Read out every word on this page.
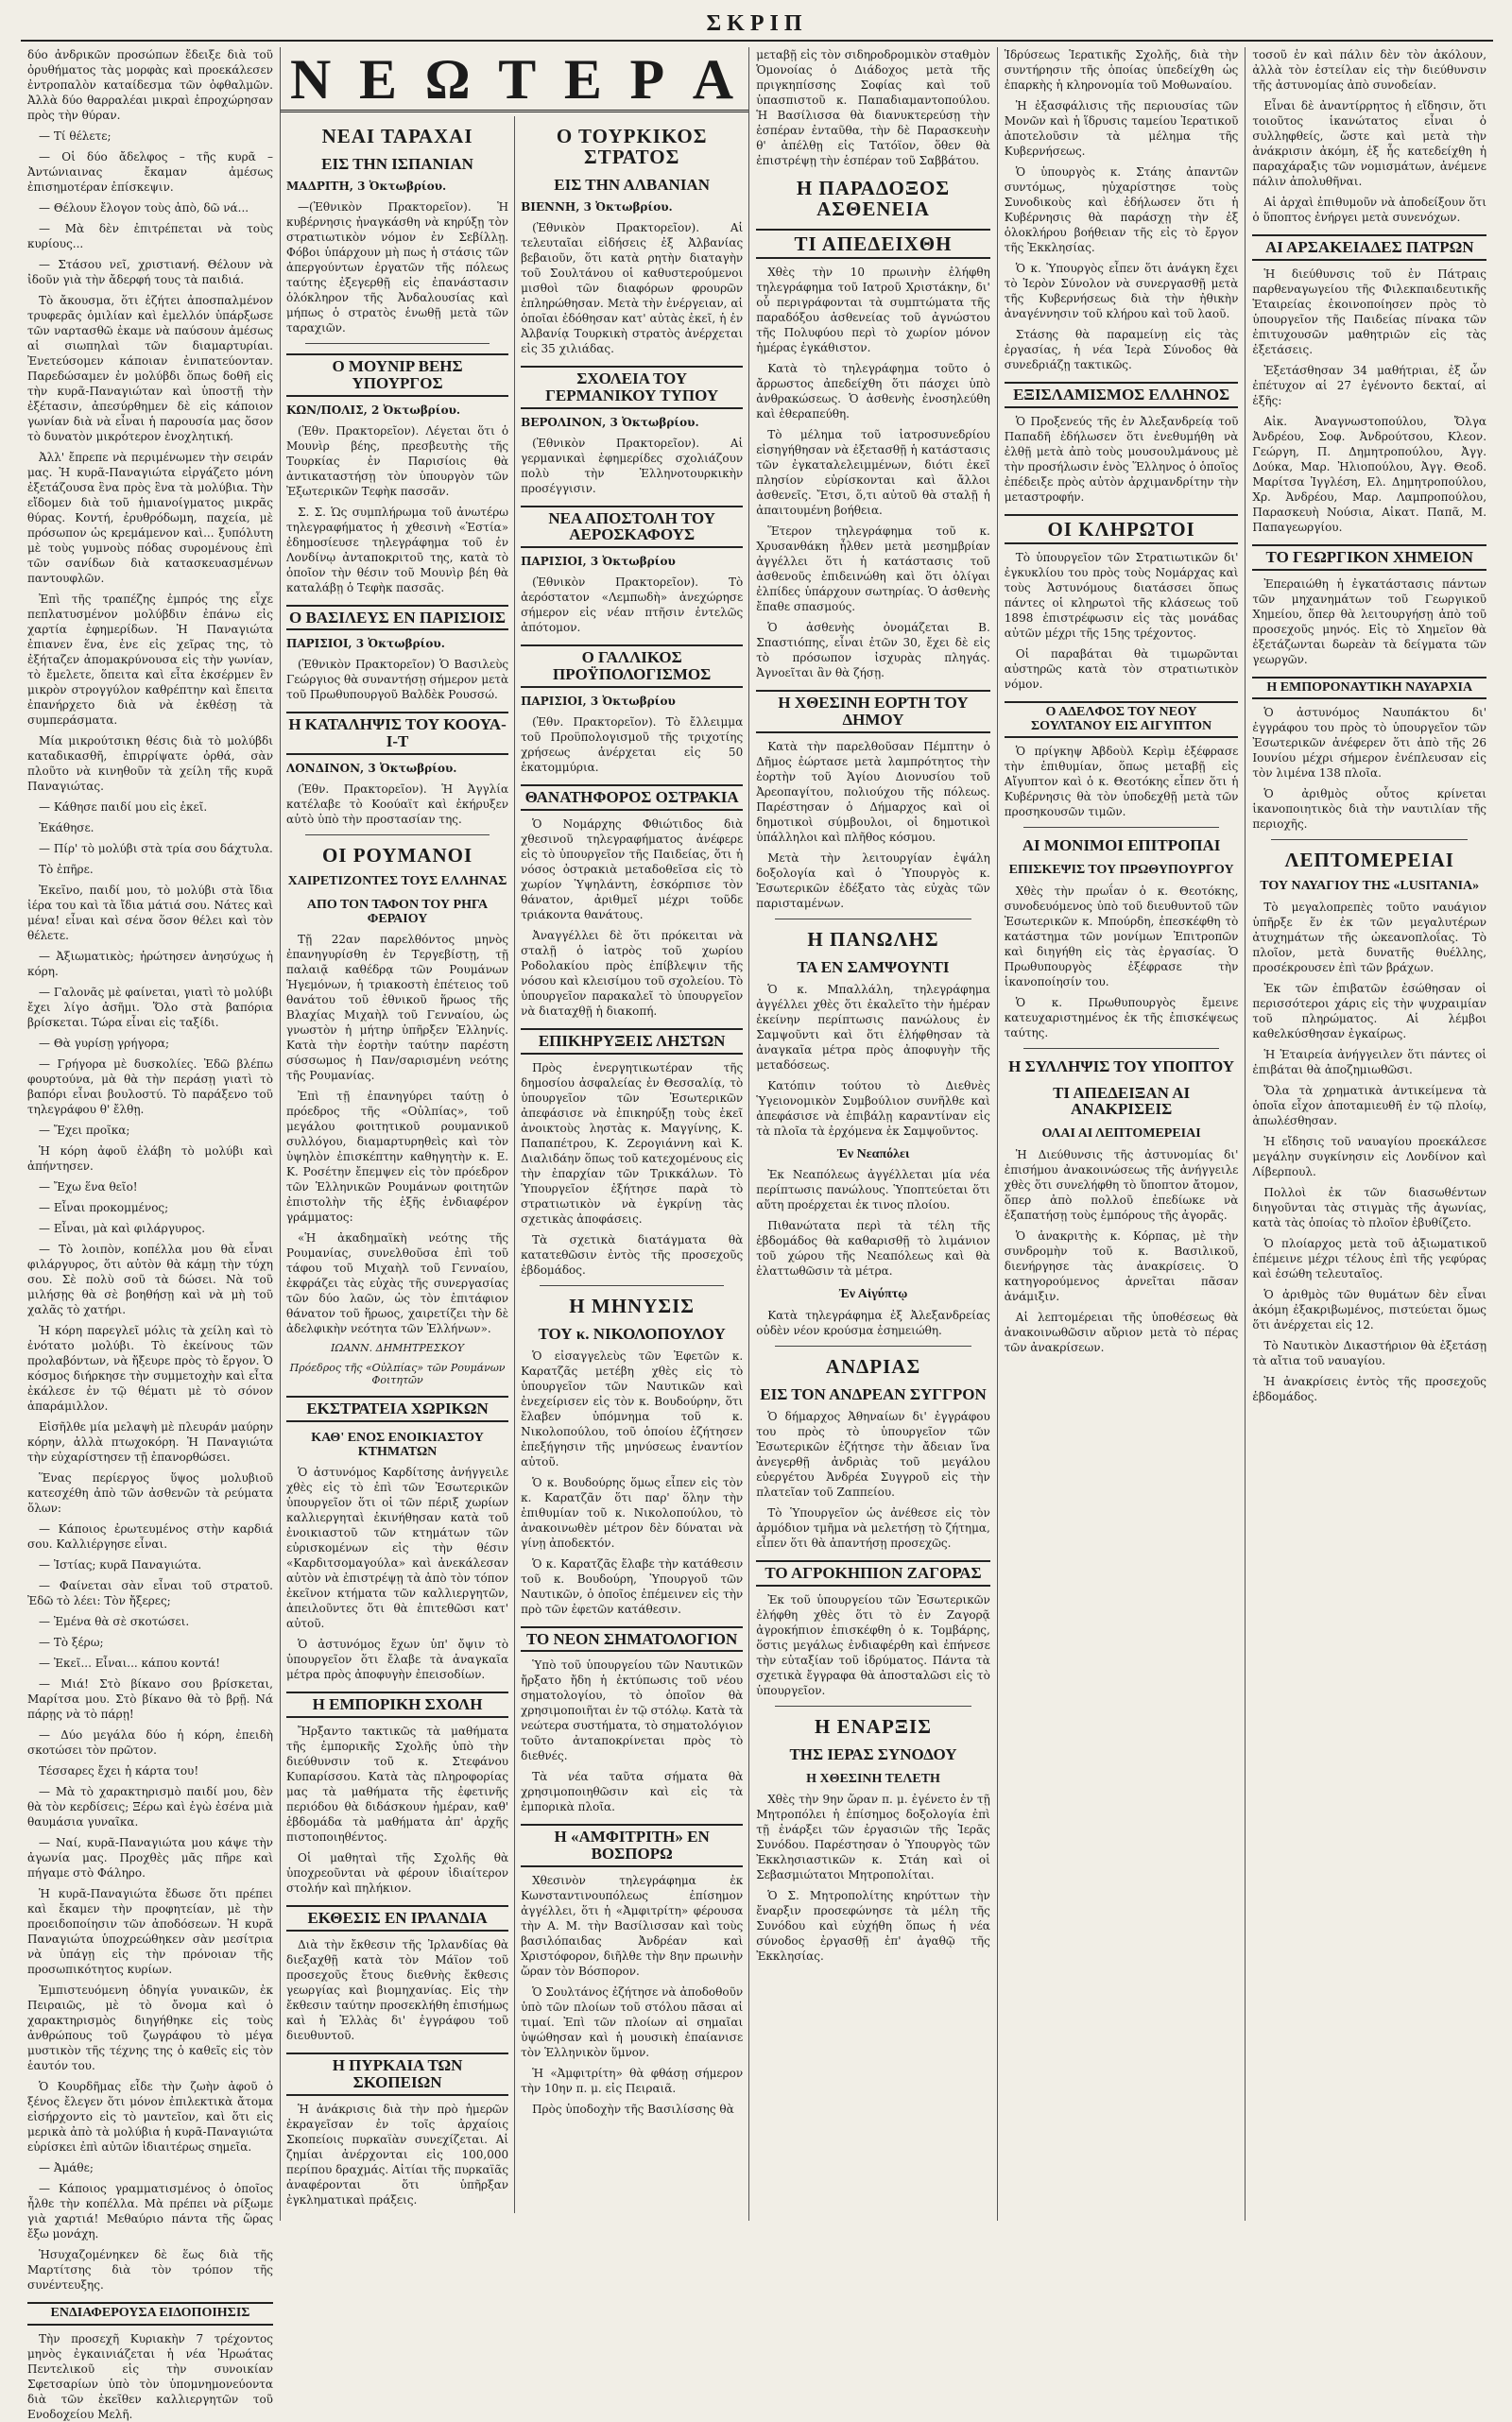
ΣΚΡΙΠ

δύο ἀνδρικῶν προσώπων ἔδειξε διὰ τοῦ ὀρυθήματος τὰς μορφὰς καὶ προεκάλεσεν ἐντροπαλὸν καταίδεσμα τῶν ὀφθαλμῶν. Ἀλλὰ δύο θαρραλέαι μικραὶ ἐπροχώρησαν πρὸς τὴν θύραν.

— Τί θέλετε;

— Οἱ δύο ἄδελφος – τῆς κυρᾶ – Ἀντώνιαινας ἔκαμαν ἀμέσως ἐπισημοτέραν ἐπίσκεψιν.

— Θέλουν ἔλογον τοὺς ἀπὸ, δῶ νά...

— Μὰ δὲν ἐπιτρέπεται νὰ τοὺς κυρίους...

— Στάσου νεῖ, χριστιανή. Θέλουν νὰ ἰδοῦν γιὰ τὴν ἄδερφή τους τὰ παιδιά.

Τὸ ἄκουσμα, ὅτι ἐζήτει ἀποσπαλμένον τρυφερᾶς ὁμιλίαν καὶ ἐμελλόν ὑπάρξωσε τῶν ναρτασθῶ ἐκαμε νὰ παύσουν ἀμέσως αἱ σιωπηλαὶ τῶν διαμαρτυρίαι. Ἐνετεύσομεν κάποιαν ἐνιπατεύονταν. Παρεδώσαμεν ἐν μολύβδι ὅπως δοθῆ εἰς τὴν κυρᾶ-Παναγιώταν καὶ ὑποστῇ τὴν ἐξέτασιν, ἀπεσύρθημεν δὲ εἰς κάποιον γωνίαν διὰ νὰ εἶναι ἡ παρουσία μας ὅσον τὸ δυνατὸν μικρότερον ἐνοχλητική.

Ἀλλ' ἔπρεπε νὰ περιμένωμεν τὴν σειράν μας. Ἡ κυρᾶ-Παναγιώτα εἰργάζετο μόνη ἐξετάζουσα ἓνα πρὸς ἓνα τὰ μολύβια. Τὴν εἴδομεν διὰ τοῦ ἡμιανοίγματος μικρᾶς θύρας. Κοντή, ἐρυθρόδωμη, παχεία, μὲ πρόσωπον ὡς κρεμάμενον καὶ... ξυπόλυτη μὲ τοὺς γυμνοὺς πόδας συρομένους ἐπὶ τῶν σανίδων διὰ κατασκευασμένων παντουφλῶν.

Ἐπὶ τῆς τραπέζης ἐμπρός της εἶχε πεπλατυσμένον μολύβδιν ἐπάνω εἰς χαρτία ἐφημερίδων. Ἡ Παναγιώτα ἐπιανεν ἕνα, ἐνε εἰς χεῖρας της, τὸ ἐξήταζεν ἀπομακρύνουσα εἰς τὴν γωνίαν, τὸ ἔμελετε, ὅπειτα καὶ εἶτα ἐκσέρμεν ἓν μικρὸν στρογγύλον καθρέπτην καὶ ἔπειτα ἐπανήρχετο διὰ νὰ ἐκθέσῃ τὰ συμπεράσματα.

Μία μικρούτσικη θέσις διὰ τὸ μολύβδι καταδικασθῆ, ἐπιρρίψατε ὀρθά, σὰν πλοῦτο νὰ κινηθοῦν τὰ χείλη τῆς κυρᾶ Παναγιώτας.

— Κάθησε παιδί μου εἰς ἐκεῖ.

Ἐκάθησε.

— Πίρ' τὸ μολύβι στὰ τρία σου δάχτυλα.

Τὸ ἐπῆρε.

Ἐκεῖνο, παιδί μου, τὸ μολύβι στὰ ἴδια ἰέρα του καὶ τὰ ἴδια μάτιά σου. Νάτες καὶ μένα! εἶναι καὶ σένα ὅσον θέλει καὶ τὸν θέλετε.

— Ἀξιωματικὸς; ἠρώτησεν ἀνησύχως ἡ κόρη.

— Γαλονᾶς μὲ φαίνεται, γιατὶ τὸ μολύβι ἔχει λίγο ἀσῆμι. Ὅλο στὰ βαπόρια βρίσκεται. Τώρα εἶναι εἰς ταξίδι.

— Θὰ γυρίσῃ γρήγορα;

— Γρήγορα μὲ δυσκολίες. Ἐδῶ βλέπω φουρτούνα, μὰ θὰ τὴν περάσῃ γιατὶ τὸ βαπόρι εἶναι βουλοστύ. Τὸ παράξενο τοῦ τηλεγράφου θ' ἔλθῃ.

— Ἔχει προῖκα;

Ἡ κόρη ἀφοῦ ἐλάβη τὸ μολύβι καὶ ἀπήντησεν.

— Ἔχω ἕνα θεῖο!

— Εἶναι προκομμένος;

— Εἶναι, μὰ καὶ φιλάργυρος.

— Τὸ λοιπὸν, κοπέλλα μου θὰ εἶναι φιλάργυρος, ὅτι αὐτὸν θὰ κάμῃ τὴν τύχη σου. Σὲ πολὺ σοῦ τὰ δώσει. Νὰ τοῦ μιλήσῃς θὰ σὲ βοηθήσῃ καὶ νὰ μὴ τοῦ χαλᾶς τὸ χατήρι.

Ἡ κόρη παρεγλεῖ μόλις τὰ χείλη καὶ τὸ ἐνότατο μολύβι. Τὸ ἐκείνους τῶν προλαβόντων, νὰ ἤξευρε πρὸς τὸ ἔργον. Ὁ κόσμος διήρκησε τὴν συμμετοχὴν καὶ εἶτα ἐκάλεσε ἐν τῷ θέματι μὲ τὸ σόνον ἀπαράμιλλον.

Εἰσῆλθε μία μελαψὴ μὲ πλευράν μαύρην κόρην, ἀλλὰ πτωχοκόρη. Ἡ Παναγιώτα τὴν εὐχαρίστησεν τῇ ἐπανορθώσει.

Ἕνας περίεργος ὕψος μολυβιοῦ κατεσχέθη ἀπὸ τῶν ἀσθενῶν τὰ ρεύματα ὅλων:

— Κάποιος ἐρωτευμένος στὴν καρδιά σου. Καλλιέργησε εἶναι.

— Ἰστίας; κυρᾶ Παναγιώτα.

— Φαίνεται σὰν εἶναι τοῦ στρατοῦ. Ἐδῶ τὸ λέει: Τὸν ἤξερες;

— Ἐμένα θὰ σὲ σκοτώσει.

— Τὸ ξέρω;

— Ἐκεῖ... Εἶναι... κάπου κοντά!

— Μιά! Στὸ βίκανο σου βρίσκεται, Μαρίτσα μου. Στὸ βίκανο θὰ τὸ βρῇ. Νά πάρῃς νὰ τὸ πάρῃ!

— Δύο μεγάλα δύο ἡ κόρη, ἐπειδὴ σκοτώσει τὸν πρῶτον.

Τέσσαρες ἔχει ἡ κάρτα του!

— Μὰ τὸ χαρακτηρισμὸ παιδί μου, δὲν θὰ τὸν κερδίσεις; Ξέρω καὶ ἐγὼ ἐσένα μιὰ θαυμάσια γυναῖκα.

— Ναί, κυρᾶ-Παναγιώτα μου κάψε τὴν ἀγωνία μας. Προχθὲς μᾶς πῆρε καὶ πήγαμε στὸ Φάληρο.

Ἡ κυρᾶ-Παναγιώτα ἔδωσε ὅτι πρέπει καὶ ἔκαμεν τὴν προφητείαν, μὲ τὴν προειδοποίησιν τῶν ἀποδόσεων. Ἡ κυρᾶ Παναγιώτα ὑποχρεώθηκεν σὰν μεσίτρια νὰ ὑπάγῃ εἰς τὴν πρόνοιαν τῆς προσωπικότητος κυρίων.

Ἐμπιστευόμενη ὁδηγία γυναικῶν, ἐκ Πειραιῶς, μὲ τὸ ὄνομα καὶ ὁ χαρακτηρισμὸς διηγήθηκε εἰς τοὺς ἀνθρώπους τοῦ ζωγράφου τὸ μέγα μυστικὸν τῆς τέχνης της ὁ καθεῖς εἰς τὸν ἑαυτόν του.

Ὁ Κουρδῆμας εἶδε τὴν ζωὴν ἀφοῦ ὁ ξένος ἔλεγεν ὅτι μόνον ἐπιλεκτικὰ ἄτομα εἰσήρχοντο εἰς τὸ μαντεῖον, καὶ ὅτι εἰς μερικὰ ἀπὸ τὰ μολύβια ἡ κυρᾶ-Παναγιώτα εὑρίσκει ἐπὶ αὐτῶν ἰδιαιτέρως σημεῖα.

— Ἀμάθε;

— Κάποιος γραμματισμένος ὁ ὁποῖος ἦλθε τὴν κοπέλλα. Μὰ πρέπει νὰ ρίξωμε γιὰ χαρτιά! Μεθαύριο πάντα τῆς ὥρας ἔξω μονάχη.

Ἡσυχαζομένηκεν δὲ ἕως διὰ τῆς Μαρτίτσης διὰ τὸν τρόπον τῆς συνέντευξης.

ΕΝΔΙΑΦΕΡΟΥΣΑ ΕΙΔΟΠΟΙΗΣΙΣ

Τὴν προσεχῆ Κυριακὴν 7 τρέχοντος μηνὸς ἐγκαινιάζεται ἡ νέα Ἡρωάτας Πεντελικοῦ εἰς τὴν συνοικίαν Σφετσαρίων ὑπὸ τὸν ὑπομνημονεύοντα διὰ τῶν ἐκεῖθεν καλλιεργητῶν τοῦ Ενοδοχείου Μελῆ.

Ν Ε Ω Τ Ε Ρ Α
ΝΕΑΙ ΤΑΡΑΧΑΙ
ΕΙΣ ΤΗΝ ΙΣΠΑΝΙΑΝ

ΜΑΔΡΙΤΗ, 3 Ὀκτωβρίου.

—(Ἐθνικὸν Πρακτορεῖον). Ἡ κυβέρνησις ἠναγκάσθη νὰ κηρύξῃ τὸν στρατιωτικὸν νόμον ἐν Σεβίλλῃ. Φόβοι ὑπάρχουν μὴ πως ἡ στάσις τῶν ἀπεργούντων ἐργατῶν τῆς πόλεως ταύτης ἐξεγερθῇ εἰς ἐπανάστασιν ὁλόκληρον τῆς Ἀνδαλουσίας καὶ μήπως ὁ στρατὸς ἑνωθῇ μετὰ τῶν ταραχιῶν.

Ο ΜΟΥΝΙΡ ΒΕΗΣ ΥΠΟΥΡΓΟΣ

ΚΩΝ/ΠΟΛΙΣ, 2 Ὀκτωβρίου.

(Ἐθν. Πρακτορεῖον). Λέγεται ὅτι ὁ Μουνὶρ βέης, πρεσβευτὴς τῆς Τουρκίας ἐν Παρισίοις θὰ ἀντικαταστήσῃ τὸν ὑπουργὸν τῶν Ἐξωτερικῶν Τεφὴκ πασσᾶν.

Σ. Σ. Ὡς συμπλήρωμα τοῦ ἀνωτέρω τηλεγραφήματος ἡ χθεσινὴ «Ἑστία» ἐδημοσίευσε τηλεγράφημα τοῦ ἐν Λονδίνῳ ἀνταποκριτοῦ της, κατὰ τὸ ὁποῖον τὴν θέσιν τοῦ Μουνὶρ βέη θὰ καταλάβῃ ὁ Τεφὴκ πασσᾶς.

Ο ΒΑΣΙΛΕΥΣ ΕΝ ΠΑΡΙΣΙΟΙΣ

ΠΑΡΙΣΙΟΙ, 3 Ὀκτωβρίου.

(Ἐθνικὸν Πρακτορεῖον) Ὁ Βασιλεὺς Γεώργιος θὰ συναντήσῃ σήμερον μετὰ τοῦ Πρωθυπουργοῦ Βαλδὲκ Ρουσσώ.

Η ΚΑΤΑΛΗΨΙΣ ΤΟΥ ΚΟΟΥΑ-Ι-Τ

ΛΟΝΔΙΝΟΝ, 3 Ὀκτωβρίου.

(Ἐθν. Πρακτορεῖον). Ἡ Ἀγγλία κατέλαβε τὸ Κοούαϊτ καὶ ἐκήρυξεν αὐτὸ ὑπὸ τὴν προστασίαν της.

ΟΙ ΡΟΥΜΑΝΟΙ
ΧΑΙΡΕΤΙΖΟΝΤΕΣ ΤΟΥΣ ΕΛΛΗΝΑΣ
ΑΠΟ ΤΟΝ ΤΑΦΟΝ ΤΟΥ ΡΗΓΑ ΦΕΡΑΙΟΥ

Τῇ 22αν παρελθόντος μηνὸς ἐπανηγυρίσθη ἐν Τεργεβίστῃ, τῇ παλαιᾷ καθέδρᾳ τῶν Ρουμάνων Ἡγεμόνων, ἡ τριακοστὴ ἐπέτειος τοῦ θανάτου τοῦ ἐθνικοῦ ἥρωος τῆς Βλαχίας Μιχαὴλ τοῦ Γενναίου, ὡς γνωστὸν ἡ μήτηρ ὑπῆρξεν Ἑλληνίς. Κατὰ τὴν ἑορτὴν ταύτην παρέστη σύσσωμος ἡ Παν/σαρισμένη νεότης τῆς Ρουμανίας.

Ἐπὶ τῇ ἐπανηγύρει ταύτῃ ὁ πρόεδρος τῆς «Οὐλπίας», τοῦ μεγάλου φοιτητικοῦ ρουμανικοῦ συλλόγου, διαμαρτυρηθεὶς καὶ τὸν ὑψηλὸν ἐπισκέπτην καθηγητὴν κ. Ε. Κ. Ροσέτην ἔπεμψεν εἰς τὸν πρόεδρον τῶν Ἑλληνικῶν Ρουμάνων φοιτητῶν ἐπιστολὴν τῆς ἑξῆς ἐνδιαφέρον γράμματος:

«Ἡ ἀκαδημαϊκὴ νεότης τῆς Ρουμανίας, συνελθοῦσα ἐπὶ τοῦ τάφου τοῦ Μιχαὴλ τοῦ Γενναίου, ἐκφράζει τὰς εὐχὰς τῆς συνεργασίας τῶν δύο λαῶν, ὡς τὸν ἐπιτάφιον θάνατον τοῦ ἥρωος, χαιρετίζει τὴν δὲ ἀδελφικὴν νεότητα τῶν Ἑλλήνων».

ΙΩΑΝΝ. ΔΗΜΗΤΡΕΣΚΟΥ
Πρόεδρος τῆς «Οὐλπίας» τῶν Ρουμάνων Φοιτητῶν
ΕΚΣΤΡΑΤΕΙΑ ΧΩΡΙΚΩΝ
ΚΑΘ' ΕΝΟΣ ΕΝΟΙΚΙΑΣΤΟΥ ΚΤΗΜΑΤΩΝ

Ὁ ἀστυνόμος Καρδίτσης ἀνήγγειλε χθὲς εἰς τὸ ἐπὶ τῶν Ἐσωτερικῶν ὑπουργεῖον ὅτι οἱ τῶν πέριξ χωρίων καλλιεργηταὶ ἐκινήθησαν κατὰ τοῦ ἐνοικιαστοῦ τῶν κτημάτων τῶν εὐρισκομένων εἰς τὴν θέσιν «Καρδιτσομαγούλα» καὶ ἀνεκάλεσαν αὐτὸν νὰ ἐπιστρέψῃ τὰ ἀπὸ τὸν τόπον ἐκεῖνον κτήματα τῶν καλλιεργητῶν, ἀπειλοῦντες ὅτι θὰ ἐπιτεθῶσι κατ' αὐτοῦ.

Ὁ ἀστυνόμος ἔχων ὑπ' ὄψιν τὸ ὑπουργεῖον ὅτι ἔλαβε τὰ ἀναγκαῖα μέτρα πρὸς ἀποφυγὴν ἐπεισοδίων.

Η ΕΜΠΟΡΙΚΗ ΣΧΟΛΗ

Ἤρξαντο τακτικῶς τὰ μαθήματα τῆς ἐμπορικῆς Σχολῆς ὑπὸ τὴν διεύθυνσιν τοῦ κ. Στεφάνου Κυπαρίσσου. Κατὰ τὰς πληροφορίας μας τὰ μαθήματα τῆς ἐφετινῆς περιόδου θὰ διδάσκουν ἡμέραν, καθ' ἑβδομάδα τὰ μαθήματα ἀπ' ἀρχῆς πιστοποιηθέντος.

Οἱ μαθηταὶ τῆς Σχολῆς θὰ ὑποχρεοῦνται νὰ φέρουν ἰδιαίτερον στολήν καὶ πηλήκιον.

ΕΚΘΕΣΙΣ ΕΝ ΙΡΛΑΝΔΙΑ

Διὰ τὴν ἔκθεσιν τῆς Ἰρλανδίας θὰ διεξαχθῇ κατὰ τὸν Μάϊον τοῦ προσεχοῦς ἔτους διεθνὴς ἔκθεσις γεωργίας καὶ βιομηχανίας. Εἰς τὴν ἔκθεσιν ταύτην προσεκλήθη ἐπισήμως καὶ ἡ Ἑλλὰς δι' ἐγγράφου τοῦ διευθυντοῦ.

Η ΠΥΡΚΑΙΑ ΤΩΝ ΣΚΟΠΕΙΩΝ

Ἡ ἀνάκρισις διὰ τὴν πρὸ ἡμερῶν ἐκραγεῖσαν ἐν τοῖς ἀρχαίοις Σκοπείοις πυρκαϊὰν συνεχίζεται. Αἱ ζημίαι ἀνέρχονται εἰς 100,000 περίπου δραχμάς. Αἰτίαι τῆς πυρκαϊᾶς ἀναφέρονται ὅτι ὑπῆρξαν ἐγκληματικαὶ πράξεις.

Ο ΤΟΥΡΚΙΚΟΣ ΣΤΡΑΤΟΣ
ΕΙΣ ΤΗΝ ΑΛΒΑΝΙΑΝ

ΒΙΕΝΝΗ, 3 Ὀκτωβρίου.

(Ἐθνικὸν Πρακτορεῖον). Αἱ τελευταῖαι εἰδήσεις ἐξ Ἀλβανίας βεβαιοῦν, ὅτι κατὰ ρητὴν διαταγὴν τοῦ Σουλτάνου οἱ καθυστερούμενοι μισθοὶ τῶν διαφόρων φρουρῶν ἐπληρώθησαν. Μετὰ τὴν ἐνέργειαν, αἱ ὁποῖαι ἐδόθησαν κατ' αὐτὰς ἐκεῖ, ἡ ἐν Ἀλβανίᾳ Τουρκικὴ στρατὸς ἀνέρχεται εἰς 35 χιλιάδας.

ΣΧΟΛΕΙΑ ΤΟΥ ΓΕΡΜΑΝΙΚΟΥ ΤΥΠΟΥ

ΒΕΡΟΛΙΝΟΝ, 3 Ὀκτωβρίου.

(Ἐθνικὸν Πρακτορεῖον). Αἱ γερμανικαὶ ἐφημερίδες σχολιάζουν πολὺ τὴν Ἑλληνοτουρκικὴν προσέγγισιν.

ΝΕΑ ΑΠΟΣΤΟΛΗ ΤΟΥ ΑΕΡΟΣΚΑΦΟΥΣ

ΠΑΡΙΣΙΟΙ, 3 Ὀκτωβρίου

(Ἐθνικὸν Πρακτορεῖον). Τὸ ἀερόστατον «Λεμπωδὴ» ἀνεχώρησε σήμερον εἰς νέαν πτῆσιν ἐντελῶς ἀπότομον.

Ο ΓΑΛΛΙΚΟΣ ΠΡΟΫΠΟΛΟΓΙΣΜΟΣ

ΠΑΡΙΣΙΟΙ, 3 Ὀκτωβρίου

(Ἐθν. Πρακτορεῖον). Τὸ ἔλλειμμα τοῦ Προϋπολογισμοῦ τῆς τριχοτίης χρήσεως ἀνέρχεται εἰς 50 ἑκατομμύρια.

ΘΑΝΑΤΗΦΟΡΟΣ ΟΣΤΡΑΚΙΑ

Ὁ Νομάρχης Φθιώτιδος διὰ χθεσινοῦ τηλεγραφήματος ἀνέφερε εἰς τὸ ὑπουργεῖον τῆς Παιδείας, ὅτι ἡ νόσος ὀστρακιὰ μεταδοθεῖσα εἰς τὸ χωρίον Ὑψηλάντη, ἐσκόρπισε τὸν θάνατον, ἀριθμεῖ μέχρι τοῦδε τριάκοντα θανάτους.

Ἀναγγέλλει δὲ ὅτι πρόκειται νὰ σταλῇ ὁ ἰατρὸς τοῦ χωρίου Ροδολακίου πρὸς ἐπίβλεψιν τῆς νόσου καὶ κλεισίμου τοῦ σχολείου. Τὸ ὑπουργεῖον παρακαλεῖ τὸ ὑπουργεῖον νὰ διαταχθῇ ἡ διακοπή.

ΕΠΙΚΗΡΥΞΕΙΣ ΛΗΣΤΩΝ

Πρὸς ἐνεργητικωτέραν τῆς δημοσίου ἀσφαλείας ἐν Θεσσαλίᾳ, τὸ ὑπουργεῖον τῶν Ἐσωτερικῶν ἀπεφάσισε νὰ ἐπικηρύξῃ τοὺς ἐκεῖ ἀνοικτοὺς ληστὰς κ. Μαγγίνης, Κ. Παπαπέτρου, Κ. Ζερογιάννη καὶ Κ. Διαλιδάην ὅπως τοῦ κατεχομένους εἰς τὴν ἐπαρχίαν τῶν Τρικκάλων. Τὸ Ὑπουργεῖον ἐξήτησε παρὰ τὸ στρατιωτικὸν νὰ ἐγκρίνῃ τὰς σχετικὰς ἀποφάσεις.

Τὰ σχετικὰ διατάγματα θὰ κατατεθῶσιν ἐντὸς τῆς προσεχοῦς ἑβδομάδος.

Η ΜΗΝΥΣΙΣ
ΤΟΥ κ. ΝΙΚΟΛΟΠΟΥΛΟΥ

Ὁ εἰσαγγελεὺς τῶν Ἐφετῶν κ. Καρατζᾶς μετέβη χθὲς εἰς τὸ ὑπουργεῖον τῶν Ναυτικῶν καὶ ἐνεχείρισεν εἰς τὸν κ. Βουδούρην, ὅτι ἔλαβεν ὑπόμνημα τοῦ κ. Νικολοπούλου, τοῦ ὁποίου ἐζήτησεν ἐπεξήγησιν τῆς μηνύσεως ἐναντίον αὐτοῦ.

Ὁ κ. Βουδούρης ὅμως εἶπεν εἰς τὸν κ. Καρατζᾶν ὅτι παρ' ὅλην τὴν ἐπιθυμίαν τοῦ κ. Νικολοπούλου, τὸ ἀνακοινωθὲν μέτρον δὲν δύναται νὰ γίνῃ ἀποδεκτόν.

Ὁ κ. Καρατζᾶς ἔλαβε τὴν κατάθεσιν τοῦ κ. Βουδούρη, Ὑπουργοῦ τῶν Ναυτικῶν, ὁ ὁποῖος ἐπέμεινεν εἰς τὴν πρὸ τῶν ἐφετῶν κατάθεσιν.

ΤΟ ΝΕΟΝ ΣΗΜΑΤΟΛΟΓΙΟΝ

Ὑπὸ τοῦ ὑπουργείου τῶν Ναυτικῶν ἤρξατο ἤδη ἡ ἐκτύπωσις τοῦ νέου σηματολογίου, τὸ ὁποῖον θὰ χρησιμοποιῆται ἐν τῷ στόλῳ. Κατὰ τὰ νεώτερα συστήματα, τὸ σηματολόγιον τοῦτο ἀνταποκρίνεται πρὸς τὸ διεθνές.

Τὰ νέα ταῦτα σήματα θὰ χρησιμοποιηθῶσιν καὶ εἰς τὰ ἐμπορικὰ πλοῖα.

Η «ΑΜΦΙΤΡΙΤΗ» ΕΝ ΒΟΣΠΟΡΩ

Χθεσινὸν τηλεγράφημα ἐκ Κωνσταντινουπόλεως ἐπίσημον ἀγγέλλει, ὅτι ἡ «Ἀμφιτρίτη» φέρουσα τὴν Α. Μ. τὴν Βασίλισσαν καὶ τοὺς βασιλόπαιδας Ἀνδρέαν καὶ Χριστόφορον, διῆλθε τὴν 8ην πρωινὴν ὥραν τὸν Βόσπορον.

Ὁ Σουλτάνος ἐζήτησε νὰ ἀποδοθοῦν ὑπὸ τῶν πλοίων τοῦ στόλου πᾶσαι αἱ τιμαί. Ἐπὶ τῶν πλοίων αἱ σημαῖαι ὑψώθησαν καὶ ἡ μουσικὴ ἐπαίανισε τὸν Ἑλληνικὸν ὕμνον.

Ἡ «Ἀμφιτρίτη» θὰ φθάσῃ σήμερον τὴν 10ην π. μ. εἰς Πειραιᾶ.

Πρὸς ὑποδοχὴν τῆς Βασιλίσσης θὰ

μεταβῇ εἰς τὸν σιδηροδρομικὸν σταθμὸν Ὁμονοίας ὁ Διάδοχος μετὰ τῆς πριγκηπίσσης Σοφίας καὶ τοῦ ὑπασπιστοῦ κ. Παπαδιαμαντοπούλου. Ἡ Βασίλισσα θὰ διανυκτερεύσῃ τὴν ἑσπέραν ἐνταῦθα, τὴν δὲ Παρασκευὴν θ' ἀπέλθῃ εἰς Τατόϊον, ὅθεν θὰ ἐπιστρέψῃ τὴν ἑσπέραν τοῦ Σαββάτου.

Η ΠΑΡΑΔΟΞΟΣ ΑΣΘΕΝΕΙΑ
ΤΙ ΑΠΕΔΕΙΧΘΗ

Χθὲς τὴν 10 πρωινὴν ἐλήφθη τηλεγράφημα τοῦ Ιατροῦ Χριστάκην, δι' οὗ περιγράφονται τὰ συμπτώματα τῆς παραδόξου ἀσθενείας τοῦ ἀγνώστου τῆς Πολυφύου περὶ τὸ χωρίον μόνον ἠμέρας ἐγκάθιστον.

Κατὰ τὸ τηλεγράφημα τοῦτο ὁ ἄρρωστος ἀπεδείχθη ὅτι πάσχει ὑπὸ ἀνθρακώσεως. Ὁ ἀσθενὴς ἐνοσηλεύθη καὶ ἐθεραπεύθη.

Τὸ μέλημα τοῦ ἰατροσυνεδρίου εἰσηγήθησαν νὰ ἐξετασθῇ ἡ κατάστασις τῶν ἐγκαταλελειμμένων, διότι ἐκεῖ πλησίον εὑρίσκονται καὶ ἄλλοι ἀσθενεῖς. Ἔτσι, ὅ,τι αὐτοῦ θὰ σταλῇ ἡ ἀπαιτουμένη βοήθεια.

Ἕτερον τηλεγράφημα τοῦ κ. Χρυσανθάκη ἦλθεν μετὰ μεσημβρίαν ἀγγέλλει ὅτι ἡ κατάστασις τοῦ ἀσθενοῦς ἐπιδεινώθη καὶ ὅτι ὀλίγαι ἐλπίδες ὑπάρχουν σωτηρίας. Ὁ ἀσθενὴς ἔπαθε σπασμούς.

Ὁ ἀσθενὴς ὀνομάζεται Β. Σπαστιόπης, εἶναι ἐτῶν 30, ἔχει δὲ εἰς τὸ πρόσωπον ἰσχυρὰς πληγάς. Ἀγνοεῖται ἂν θὰ ζήσῃ.

Η ΧΘΕΣΙΝΗ ΕΟΡΤΗ ΤΟΥ ΔΗΜΟΥ

Κατὰ τὴν παρελθοῦσαν Πέμπτην ὁ Δῆμος ἐώρτασε μετὰ λαμπρότητος τὴν ἑορτὴν τοῦ Ἁγίου Διονυσίου τοῦ Ἀρεοπαγίτου, πολιούχου τῆς πόλεως. Παρέστησαν ὁ Δήμαρχος καὶ οἱ δημοτικοὶ σύμβουλοι, οἱ δημοτικοὶ ὑπάλληλοι καὶ πλῆθος κόσμου.

Μετὰ τὴν λειτουργίαν ἐψάλη δοξολογία καὶ ὁ Ὑπουργὸς κ. Ἐσωτερικῶν ἐδέξατο τὰς εὐχὰς τῶν παρισταμένων.

Η ΠΑΝΩΛΗΣ
ΤΑ ΕΝ ΣΑΜΨΟΥΝΤΙ

Ὁ κ. Μπαλλάλη, τηλεγράφημα ἀγγέλλει χθὲς ὅτι ἐκαλεῖτο τὴν ἡμέραν ἐκείνην περίπτωσις πανώλους ἐν Σαμψοῦντι καὶ ὅτι ἐλήφθησαν τὰ ἀναγκαῖα μέτρα πρὸς ἀποφυγὴν τῆς μεταδόσεως.

Κατόπιν τούτου τὸ Διεθνὲς Ὑγειονομικὸν Συμβούλιον συνῆλθε καὶ ἀπεφάσισε νὰ ἐπιβάλῃ καραντίναν εἰς τὰ πλοῖα τὰ ἐρχόμενα ἐκ Σαμψοῦντος.

Ἐν Νεαπόλει

Ἐκ Νεαπόλεως ἀγγέλλεται μία νέα περίπτωσις πανώλους. Ὑποπτεύεται ὅτι αὕτη προέρχεται ἐκ τινος πλοίου.

Πιθανώτατα περὶ τὰ τέλη τῆς ἑβδομάδος θὰ καθαρισθῇ τὸ λιμάνιον τοῦ χώρου τῆς Νεαπόλεως καὶ θὰ ἐλαττωθῶσιν τὰ μέτρα.

Ἐν Αἰγύπτῳ

Κατὰ τηλεγράφημα ἐξ Ἀλεξανδρείας οὐδὲν νέον κρούσμα ἐσημειώθη.

ΑΝΔΡΙΑΣ
ΕΙΣ ΤΟΝ ΑΝΔΡΕΑΝ ΣΥΓΓΡΟΝ

Ὁ δήμαρχος Ἀθηναίων δι' ἐγγράφου του πρὸς τὸ ὑπουργεῖον τῶν Ἐσωτερικῶν ἐζήτησε τὴν ἄδειαν ἵνα ἀνεγερθῇ ἀνδριὰς τοῦ μεγάλου εὐεργέτου Ἀνδρέα Συγγροῦ εἰς τὴν πλατεῖαν τοῦ Ζαππείου.

Τὸ Ὑπουργεῖον ὡς ἀνέθεσε εἰς τὸν ἀρμόδιον τμῆμα νὰ μελετήσῃ τὸ ζήτημα, εἶπεν ὅτι θὰ ἀπαντήσῃ προσεχῶς.

ΤΟ ΑΓΡΟΚΗΠΙΟΝ ΖΑΓΟΡΑΣ

Ἐκ τοῦ ὑπουργείου τῶν Ἐσωτερικῶν ἐλήφθη χθὲς ὅτι τὸ ἐν Ζαγορᾷ ἀγροκήπιον ἐπισκέφθη ὁ κ. Τομβάρης, ὅστις μεγάλως ἐνδιαφέρθη καὶ ἐπήνεσε τὴν εὐταξίαν τοῦ ἱδρύματος. Πάντα τὰ σχετικὰ ἔγγραφα θὰ ἀποσταλῶσι εἰς τὸ ὑπουργεῖον.

Η ΕΝΑΡΞΙΣ
ΤΗΣ ΙΕΡΑΣ ΣΥΝΟΔΟΥ
Η ΧΘΕΣΙΝΗ ΤΕΛΕΤΗ

Χθὲς τὴν 9ην ὥραν π. μ. ἐγένετο ἐν τῇ Μητροπόλει ἡ ἐπίσημος δοξολογία ἐπὶ τῇ ἐνάρξει τῶν ἐργασιῶν τῆς Ἱερᾶς Συνόδου. Παρέστησαν ὁ Ὑπουργὸς τῶν Ἐκκλησιαστικῶν κ. Στάη καὶ οἱ Σεβασμιώτατοι Μητροπολίται.

Ὁ Σ. Μητροπολίτης κηρύττων τὴν ἔναρξιν προσεφώνησε τὰ μέλη τῆς Συνόδου καὶ εὐχήθη ὅπως ἡ νέα σύνοδος ἐργασθῇ ἐπ' ἀγαθῷ τῆς Ἐκκλησίας.

Ἱδρύσεως Ἱερατικῆς Σχολῆς, διὰ τὴν συντήρησιν τῆς ὁποίας ὑπεδείχθη ὡς ἐπαρκὴς ἡ κληρονομία τοῦ Μοθωναίου.

Ἡ ἐξασφάλισις τῆς περιουσίας τῶν Μονῶν καὶ ἡ ἵδρυσις ταμείου Ἱερατικοῦ ἀποτελοῦσιν τὰ μέλημα τῆς Κυβερνήσεως.

Ὁ ὑπουργὸς κ. Στάης ἀπαντῶν συντόμως, ηὐχαρίστησε τοὺς Συνοδικοὺς καὶ ἐδήλωσεν ὅτι ἡ Κυβέρνησις θὰ παράσχῃ τὴν ἐξ ὁλοκλήρου βοήθειαν τῆς εἰς τὸ ἔργον τῆς Ἐκκλησίας.

Ὁ κ. Ὑπουργὸς εἶπεν ὅτι ἀνάγκη ἔχει τὸ Ἱερὸν Σύνολον νὰ συνεργασθῇ μετὰ τῆς Κυβερνήσεως διὰ τὴν ἠθικὴν ἀναγέννησιν τοῦ κλήρου καὶ τοῦ λαοῦ.

Στάσης θὰ παραμείνῃ εἰς τὰς ἐργασίας, ἡ νέα Ἱερὰ Σύνοδος θὰ συνεδριάζῃ τακτικῶς.

ΕΞΙΣΛΑΜΙΣΜΟΣ ΕΛΛΗΝΟΣ

Ὁ Προξενεύς τῆς ἐν Ἀλεξανδρείᾳ τοῦ Παπαδῆ ἐδήλωσεν ὅτι ἐνεθυμήθη νὰ ἐλθῇ μετὰ ἀπὸ τοὺς μουσουλμάνους μὲ τὴν προσήλωσιν ἑνὸς Ἕλληνος ὁ ὁποῖος ἐπέδειξε πρὸς αὐτὸν ἀρχιμανδρίτην τὴν μεταστροφήν.

ΟΙ ΚΛΗΡΩΤΟΙ

Τὸ ὑπουργεῖον τῶν Στρατιωτικῶν δι' ἐγκυκλίου του πρὸς τοὺς Νομάρχας καὶ τοὺς Ἀστυνόμους διατάσσει ὅπως πάντες οἱ κληρωτοὶ τῆς κλάσεως τοῦ 1898 ἐπιστρέφωσιν εἰς τὰς μονάδας αὐτῶν μέχρι τῆς 15ης τρέχοντος.

Οἱ παραβάται θὰ τιμωρῶνται αὐστηρῶς κατὰ τὸν στρατιωτικὸν νόμον.

Ο ΑΔΕΛΦΟΣ ΤΟΥ ΝΕΟΥ ΣΟΥΛΤΑΝΟΥ ΕΙΣ ΑΙΓΥΠΤΟΝ

Ὁ πρίγκηψ Ἀβδοὺλ Κερὶμ ἐξέφρασε τὴν ἐπιθυμίαν, ὅπως μεταβῇ εἰς Αἴγυπτον καὶ ὁ κ. Θεοτόκης εἶπεν ὅτι ἡ Κυβέρνησις θὰ τὸν ὑποδεχθῇ μετὰ τῶν προσηκουσῶν τιμῶν.

ΑΙ ΜΟΝΙΜΟΙ ΕΠΙΤΡΟΠΑΙ
ΕΠΙΣΚΕΨΙΣ ΤΟΥ ΠΡΩΘΥΠΟΥΡΓΟΥ

Χθὲς τὴν πρωΐαν ὁ κ. Θεοτόκης, συνοδευόμενος ὑπὸ τοῦ διευθυντοῦ τῶν Ἐσωτερικῶν κ. Μπούρδη, ἐπεσκέφθη τὸ κατάστημα τῶν μονίμων Ἐπιτροπῶν καὶ διηγήθη εἰς τὰς ἐργασίας. Ὁ Πρωθυπουργὸς ἐξέφρασε τὴν ἱκανοποίησίν του.

Ὁ κ. Πρωθυπουργὸς ἔμεινε κατευχαριστημένος ἐκ τῆς ἐπισκέψεως ταύτης.

Η ΣΥΛΛΗΨΙΣ ΤΟΥ ΥΠΟΠΤΟΥ
ΤΙ ΑΠΕΔΕΙΞΑΝ ΑΙ ΑΝΑΚΡΙΣΕΙΣ
ΟΛΑΙ ΑΙ ΛΕΠΤΟΜΕΡΕΙΑΙ

Ἡ Διεύθυνσις τῆς ἀστυνομίας δι' ἐπισήμου ἀνακοινώσεως τῆς ἀνήγγειλε χθὲς ὅτι συνελήφθη τὸ ὕποπτον ἄτομον, ὅπερ ἀπὸ πολλοῦ ἐπεδίωκε νὰ ἐξαπατήσῃ τοὺς ἐμπόρους τῆς ἀγορᾶς.

Ὁ ἀνακριτὴς κ. Κόρπας, μὲ τὴν συνδρομὴν τοῦ κ. Βασιλικοῦ, διενήργησε τὰς ἀνακρίσεις. Ὁ κατηγορούμενος ἀρνεῖται πᾶσαν ἀνάμιξιν.

Αἱ λεπτομέρειαι τῆς ὑποθέσεως θὰ ἀνακοινωθῶσιν αὔριον μετὰ τὸ πέρας τῶν ἀνακρίσεων.

τοσοῦ ἐν καὶ πάλιν δὲν τὸν ἀκόλουν, ἀλλὰ τὸν ἐστείλαν εἰς τὴν διεύθυνσιν τῆς ἀστυνομίας ἀπὸ συνοδείαν.

Εἶναι δὲ ἀναντίρρητος ἡ εἴδησιν, ὅτι τοιοῦτος ἱκανώτατος εἶναι ὁ συλληφθείς, ὥστε καὶ μετὰ τὴν ἀνάκρισιν ἀκόμη, ἐξ ἧς κατεδείχθη ἡ παραχάραξις τῶν νομισμάτων, ἀνέμενε πάλιν ἀπολυθῆναι.

Αἱ ἀρχαὶ ἐπιθυμοῦν νὰ ἀποδείξουν ὅτι ὁ ὕποπτος ἐνήργει μετὰ συνενόχων.

ΑΙ ΑΡΣΑΚΕΙΑΔΕΣ ΠΑΤΡΩΝ

Ἡ διεύθυνσις τοῦ ἐν Πάτραις παρθεναγωγείου τῆς Φιλεκπαιδευτικῆς Ἑταιρείας ἐκοινοποίησεν πρὸς τὸ ὑπουργεῖον τῆς Παιδείας πίνακα τῶν ἐπιτυχουσῶν μαθητριῶν εἰς τὰς ἐξετάσεις.

Ἐξετάσθησαν 34 μαθήτριαι, ἐξ ὧν ἐπέτυχον αἱ 27 ἐγένοντο δεκταί, αἱ ἑξῆς:

Αἰκ. Ἀναγνωστοπούλου, Ὄλγα Ἀνδρέου, Σοφ. Ἀνδρούτσου, Κλεον. Γεώργη, Π. Δημητροπούλου, Ἀγγ. Δούκα, Μαρ. Ἠλιοπούλου, Ἀγγ. Θεοδ. Μαρίτσα Ἰγγλέση, Ελ. Δημητροπούλου, Χρ. Ἀνδρέου, Μαρ. Λαμπροπούλου, Παρασκευὴ Νούσια, Αἰκατ. Παπᾶ, Μ. Παπαγεωργίου.

ΤΟ ΓΕΩΡΓΙΚΟΝ ΧΗΜΕΙΟΝ

Ἐπεραιώθη ἡ ἐγκατάστασις πάντων τῶν μηχανημάτων τοῦ Γεωργικοῦ Χημείου, ὅπερ θὰ λειτουργήσῃ ἀπὸ τοῦ προσεχοῦς μηνός. Εἰς τὸ Χημεῖον θὰ ἐξετάζωνται δωρεὰν τὰ δείγματα τῶν γεωργῶν.

Η ΕΜΠΟΡΟΝΑΥΤΙΚΗ ΝΑΥΑΡΧΙΑ

Ὁ ἀστυνόμος Ναυπάκτου δι' ἐγγράφου του πρὸς τὸ ὑπουργεῖον τῶν Ἐσωτερικῶν ἀνέφερεν ὅτι ἀπὸ τῆς 26 Ιουνίου μέχρι σήμερον ἐνέπλευσαν εἰς τὸν λιμένα 138 πλοῖα.

Ὁ ἀριθμὸς οὗτος κρίνεται ἱκανοποιητικὸς διὰ τὴν ναυτιλίαν τῆς περιοχῆς.

ΛΕΠΤΟΜΕΡΕΙΑΙ
ΤΟΥ ΝΑΥΑΓΙΟΥ ΤΗΣ «LUSITANIA»

Τὸ μεγαλοπρεπὲς τοῦτο ναυάγιον ὑπῆρξε ἕν ἐκ τῶν μεγαλυτέρων ἀτυχημάτων τῆς ὠκεανοπλοΐας. Τὸ πλοῖον, μετὰ δυνατῆς θυέλλης, προσέκρουσεν ἐπὶ τῶν βράχων.

Ἐκ τῶν ἐπιβατῶν ἐσώθησαν οἱ περισσότεροι χάρις εἰς τὴν ψυχραιμίαν τοῦ πληρώματος. Αἱ λέμβοι καθελκύσθησαν ἐγκαίρως.

Ἡ Ἑταιρεία ἀνήγγειλεν ὅτι πάντες οἱ ἐπιβάται θὰ ἀποζημιωθῶσι.

Ὅλα τὰ χρηματικὰ ἀντικείμενα τὰ ὁποῖα εἶχον ἀποταμιευθῆ ἐν τῷ πλοίῳ, ἀπωλέσθησαν.

Ἡ εἴδησις τοῦ ναυαγίου προεκάλεσε μεγάλην συγκίνησιν εἰς Λονδίνον καὶ Λίβερπουλ.

Πολλοὶ ἐκ τῶν διασωθέντων διηγοῦνται τὰς στιγμὰς τῆς ἀγωνίας, κατὰ τὰς ὁποίας τὸ πλοῖον ἐβυθίζετο.

Ὁ πλοίαρχος μετὰ τοῦ ἀξιωματικοῦ ἐπέμεινε μέχρι τέλους ἐπὶ τῆς γεφύρας καὶ ἐσώθη τελευταῖος.

Ὁ ἀριθμὸς τῶν θυμάτων δὲν εἶναι ἀκόμη ἐξακριβωμένος, πιστεύεται ὅμως ὅτι ἀνέρχεται εἰς 12.

Τὸ Ναυτικὸν Δικαστήριον θὰ ἐξετάσῃ τὰ αἴτια τοῦ ναυαγίου.

Ἡ ἀνακρίσεις ἐντὸς τῆς προσεχοῦς ἑβδομάδος.
